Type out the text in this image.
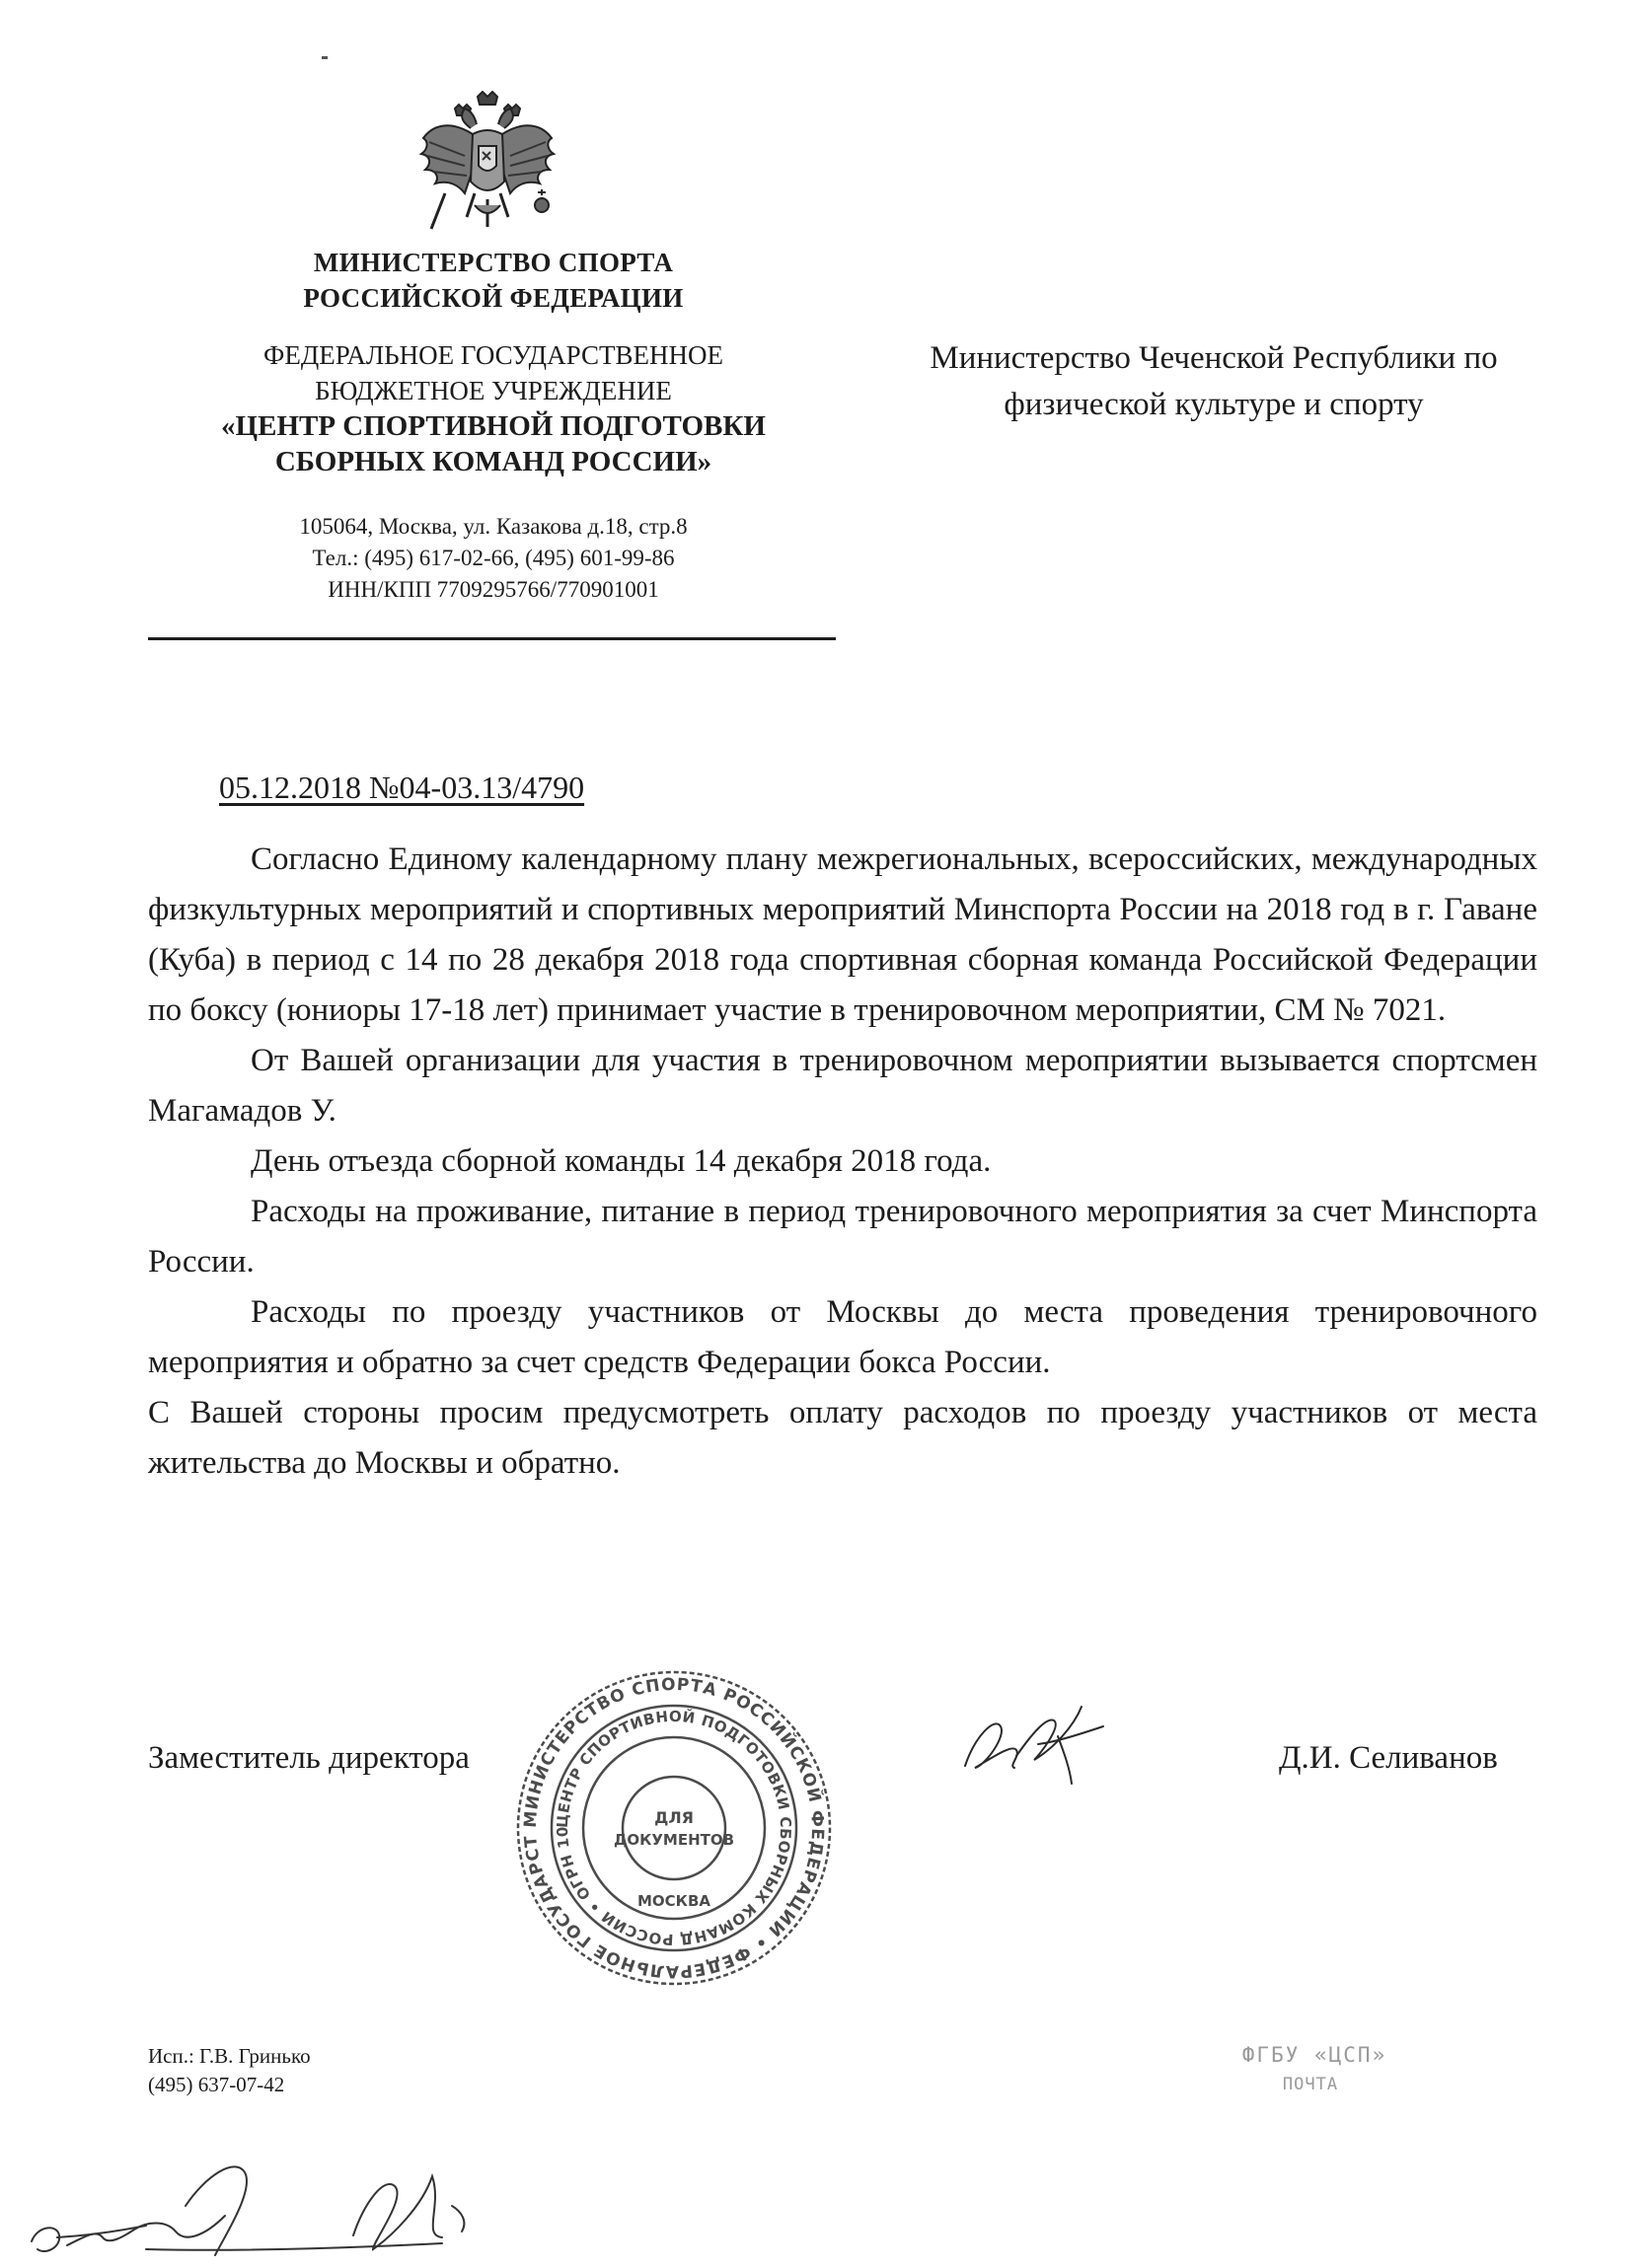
МИНИСТЕРСТВО СПОРТА
РОССИЙСКОЙ ФЕДЕРАЦИИ
ФЕДЕРАЛЬНОЕ ГОСУДАРСТВЕННОЕ
БЮДЖЕТНОЕ УЧРЕЖДЕНИЕ
«ЦЕНТР СПОРТИВНОЙ ПОДГОТОВКИ
СБОРНЫХ КОМАНД РОССИИ»
105064, Москва, ул. Казакова д.18, стр.8
Тел.: (495) 617-02-66, (495) 601-99-86
ИНН/КПП 7709295766/770901001
Министерство Чеченской Республики по
физической культуре и спорту
05.12.2018 №04-03.13/4790

Согласно Единому календарному плану межрегиональных, всероссийских, международных физкультурных мероприятий и спортивных мероприятий Минспорта России на 2018 год в г. Гаване (Куба) в период с 14 по 28 декабря 2018 года спортивная сборная команда Российской Федерации по боксу (юниоры 17-18 лет) принимает участие в тренировочном мероприятии, СМ № 7021.

От Вашей организации для участия в тренировочном мероприятии вызывается спортсмен Магамадов У.

День отъезда сборной команды 14 декабря 2018 года.

Расходы на проживание, питание в период тренировочного мероприятия за счет Минспорта России.

Расходы по проезду участников от Москвы до места проведения тренировочного мероприятия и обратно за счет средств Федерации бокса России.

С Вашей стороны просим предусмотреть оплату расходов по проезду участников от места жительства до Москвы и обратно.

Заместитель директора	Д.И. Селиванов
МИНИСТЕРСТВО СПОРТА РОССИЙСКОЙ ФЕДЕРАЦИИ • ФЕДЕРАЛЬНОЕ ГОСУДАРСТ
ЦЕНТР СПОРТИВНОЙ ПОДГОТОВКИ СБОРНЫХ КОМАНД РОССИИ • ОГРН 10
ДЛЯ
ДОКУМЕНТОВ
МОСКВА
Исп.: Г.В. Гринько
(495) 637-07-42
ФГБУ «ЦСП»
ПОЧТА
